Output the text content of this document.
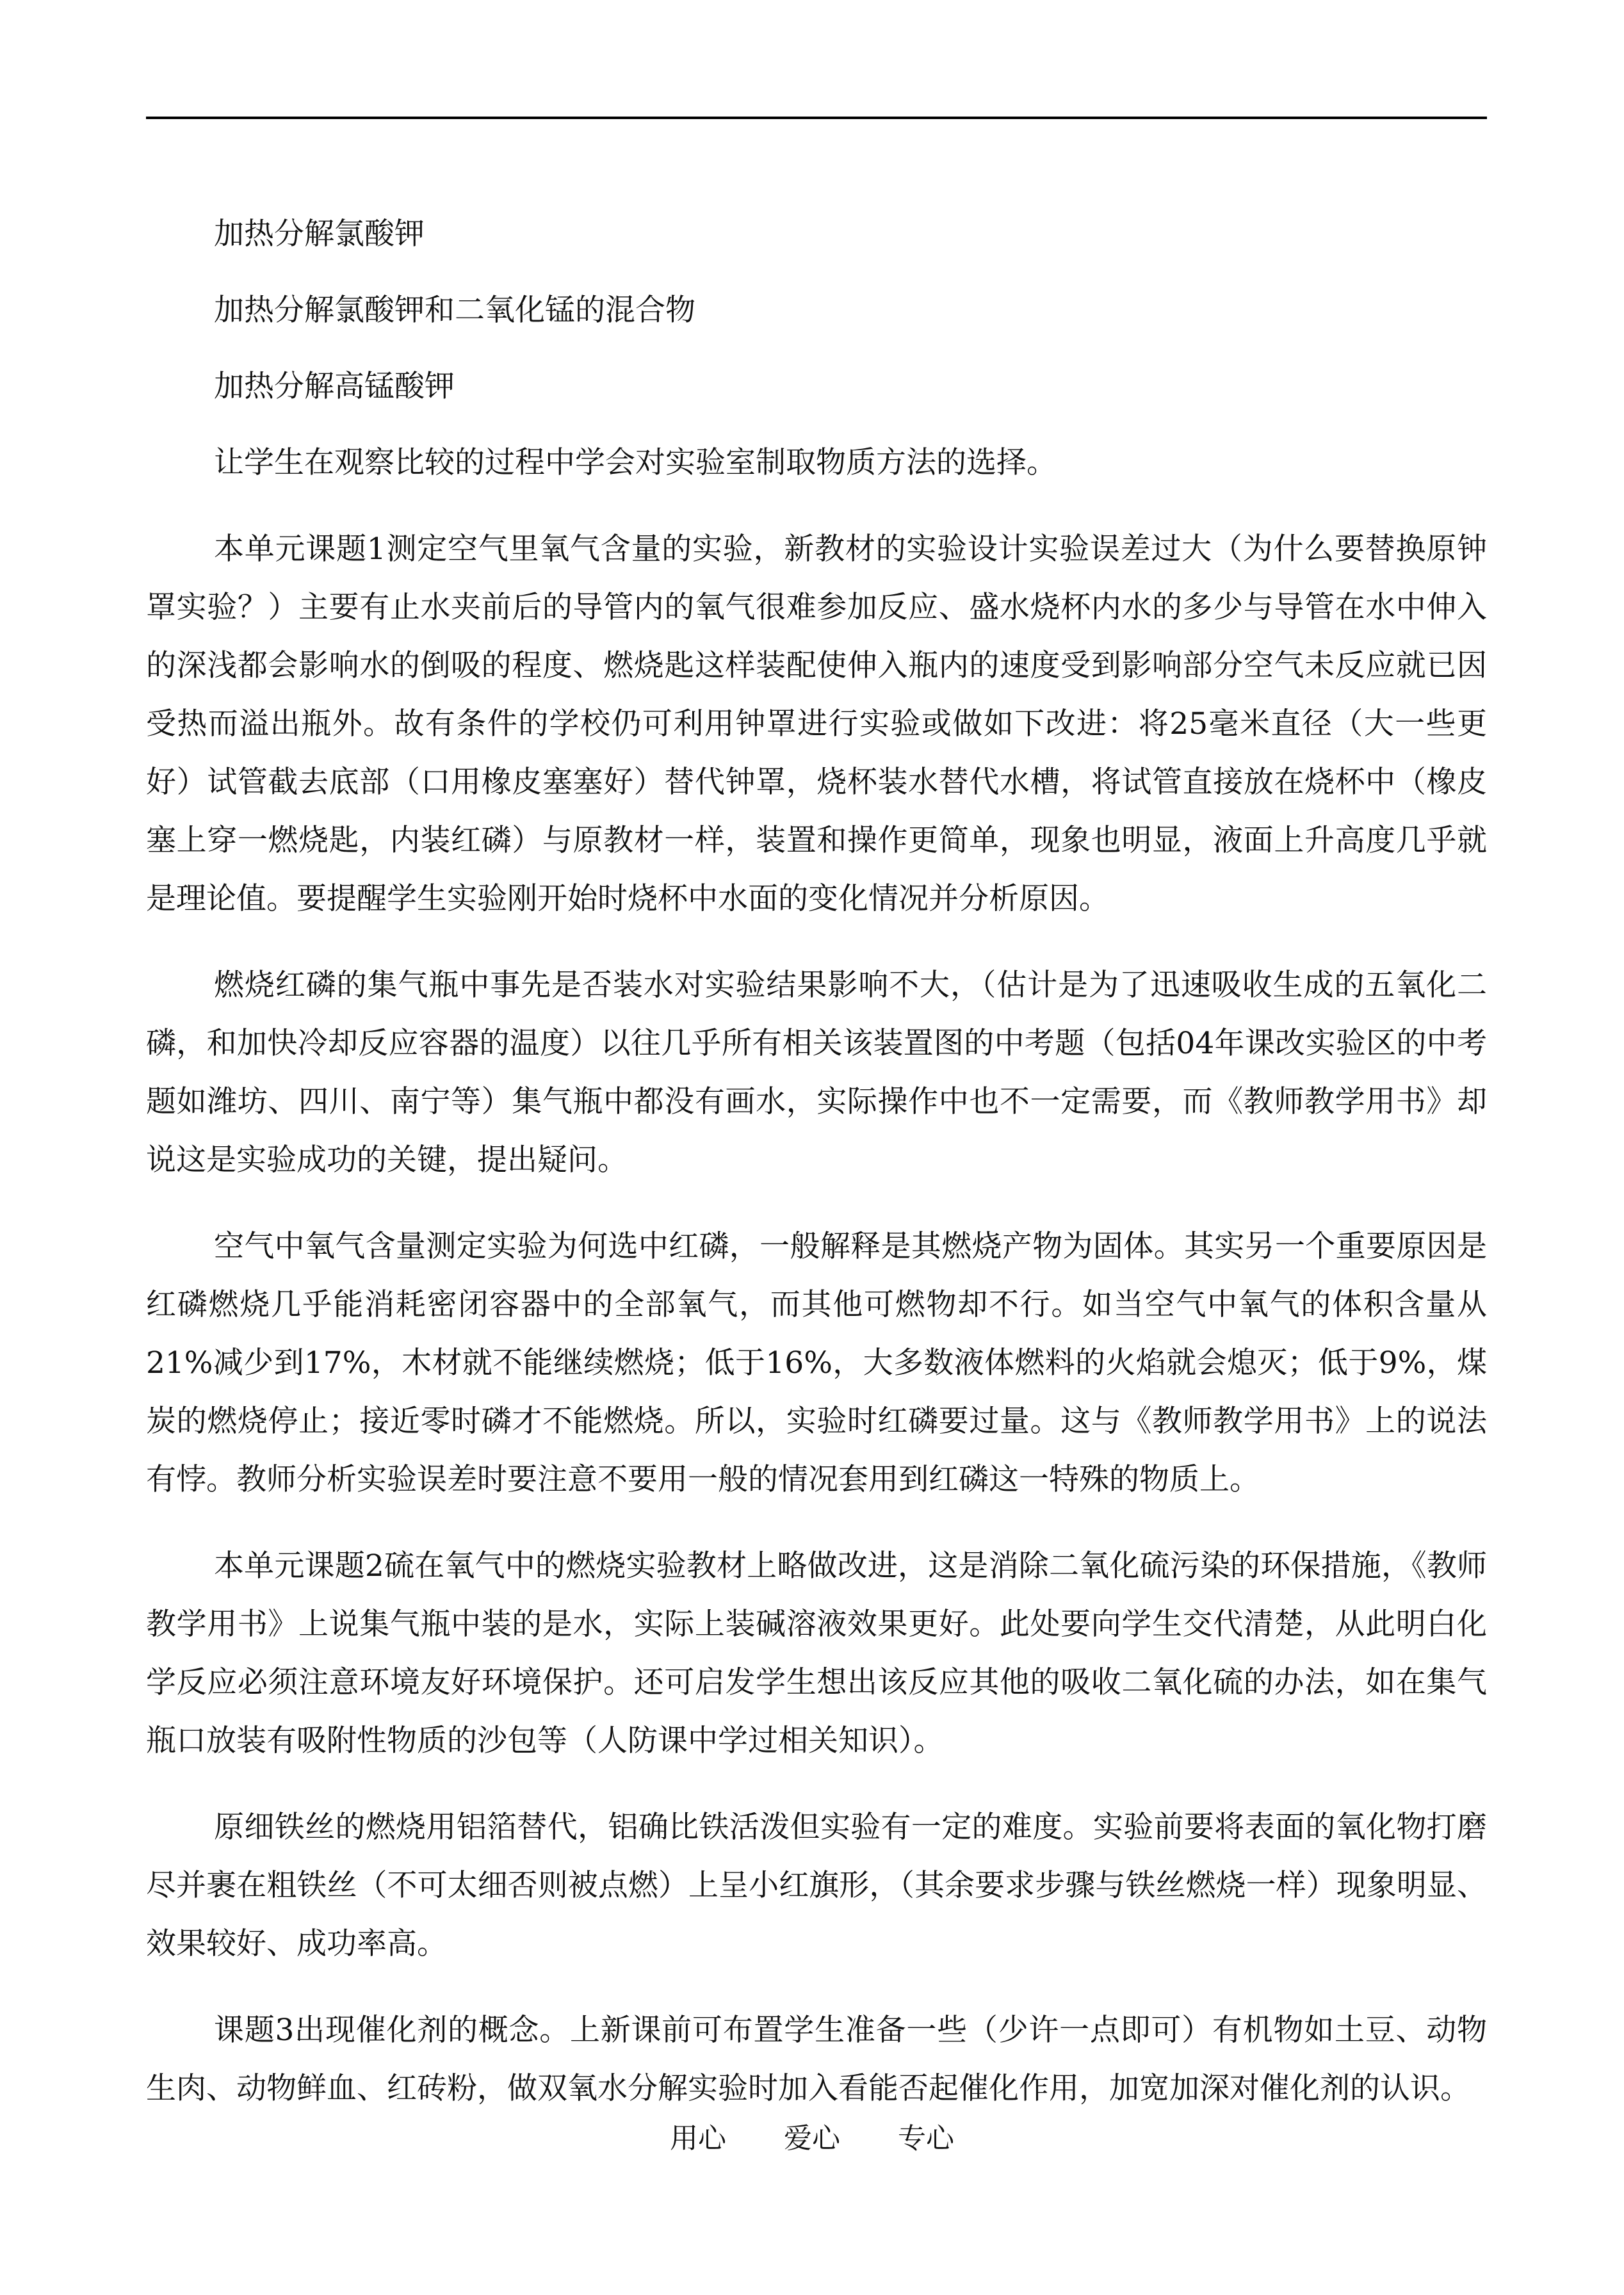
加热分解氯酸钾

加热分解氯酸钾和二氧化锰的混合物

加热分解高锰酸钾

让学生在观察比较的过程中学会对实验室制取物质方法的选择。

本单元课题1测定空气里氧气含量的实验，新教材的实验设计实验误差过大（为什么要替换原钟罩实验？）主要有止水夹前后的导管内的氧气很难参加反应、盛水烧杯内水的多少与导管在水中伸入的深浅都会影响水的倒吸的程度、燃烧匙这样装配使伸入瓶内的速度受到影响部分空气未反应就已因受热而溢出瓶外。故有条件的学校仍可利用钟罩进行实验或做如下改进：将25毫米直径（大一些更好）试管截去底部（口用橡皮塞塞好）替代钟罩，烧杯装水替代水槽，将试管直接放在烧杯中（橡皮塞上穿一燃烧匙，内装红磷）与原教材一样，装置和操作更简单，现象也明显，液面上升高度几乎就是理论值。要提醒学生实验刚开始时烧杯中水面的变化情况并分析原因。

燃烧红磷的集气瓶中事先是否装水对实验结果影响不大，（估计是为了迅速吸收生成的五氧化二磷，和加快冷却反应容器的温度）以往几乎所有相关该装置图的中考题（包括04年课改实验区的中考题如潍坊、四川、南宁等）集气瓶中都没有画水，实际操作中也不一定需要，而《教师教学用书》却说这是实验成功的关键，提出疑问。

空气中氧气含量测定实验为何选中红磷，一般解释是其燃烧产物为固体。其实另一个重要原因是红磷燃烧几乎能消耗密闭容器中的全部氧气，而其他可燃物却不行。如当空气中氧气的体积含量从21%减少到17%，木材就不能继续燃烧；低于16%，大多数液体燃料的火焰就会熄灭；低于9%，煤炭的燃烧停止；接近零时磷才不能燃烧。所以，实验时红磷要过量。这与《教师教学用书》上的说法有悖。教师分析实验误差时要注意不要用一般的情况套用到红磷这一特殊的物质上。

本单元课题2硫在氧气中的燃烧实验教材上略做改进，这是消除二氧化硫污染的环保措施，《教师教学用书》上说集气瓶中装的是水，实际上装碱溶液效果更好。此处要向学生交代清楚，从此明白化学反应必须注意环境友好环境保护。还可启发学生想出该反应其他的吸收二氧化硫的办法，如在集气瓶口放装有吸附性物质的沙包等（人防课中学过相关知识）。

原细铁丝的燃烧用铝箔替代，铝确比铁活泼但实验有一定的难度。实验前要将表面的氧化物打磨尽并裹在粗铁丝（不可太细否则被点燃）上呈小红旗形，（其余要求步骤与铁丝燃烧一样）现象明显、效果较好、成功率高。

课题3出现催化剂的概念。上新课前可布置学生准备一些（少许一点即可）有机物如土豆、动物生肉、动物鲜血、红砖粉，做双氧水分解实验时加入看能否起催化作用，加宽加深对催化剂的认识。

用心 爱心 专心
